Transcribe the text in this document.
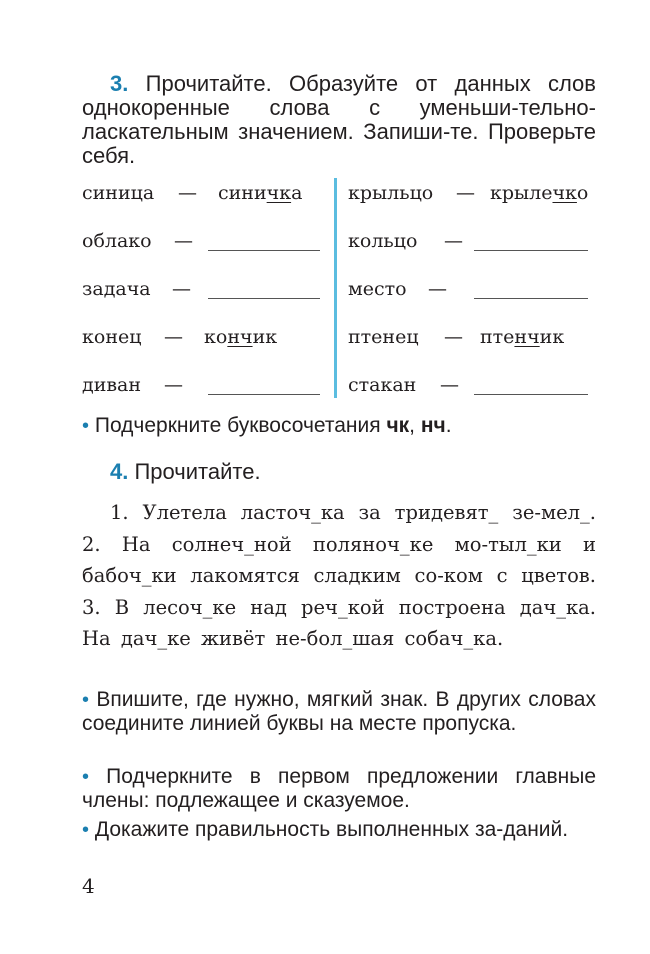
3. Прочитайте. Образуйте от данных слов однокоренные слова с уменьши-тельно-ласкательным значением. Запиши-те. Проверьте себя.
синица — синичка
облако —
задача —
конец — кончик
диван —
крыльцо — крылечко
кольцо —
место —
птенец — птенчик
стакан —
• Подчеркните буквосочетания чк, нч.
4. Прочитайте.
1. Улетела ласточ_ка за тридевят_ зе-мел_. 2. На солнеч_ной поляноч_ке мо-тыл_ки и бабоч_ки лакомятся сладким со-ком с цветов. 3. В лесоч_ке над реч_кой построена дач_ка. На дач_ке живёт не-бол_шая собач_ка.
• Впишите, где нужно, мягкий знак. В других словах соедините линией буквы на месте пропуска.
• Подчеркните в первом предложении главные члены: подлежащее и сказуемое.
• Докажите правильность выполненных за-даний.
4
